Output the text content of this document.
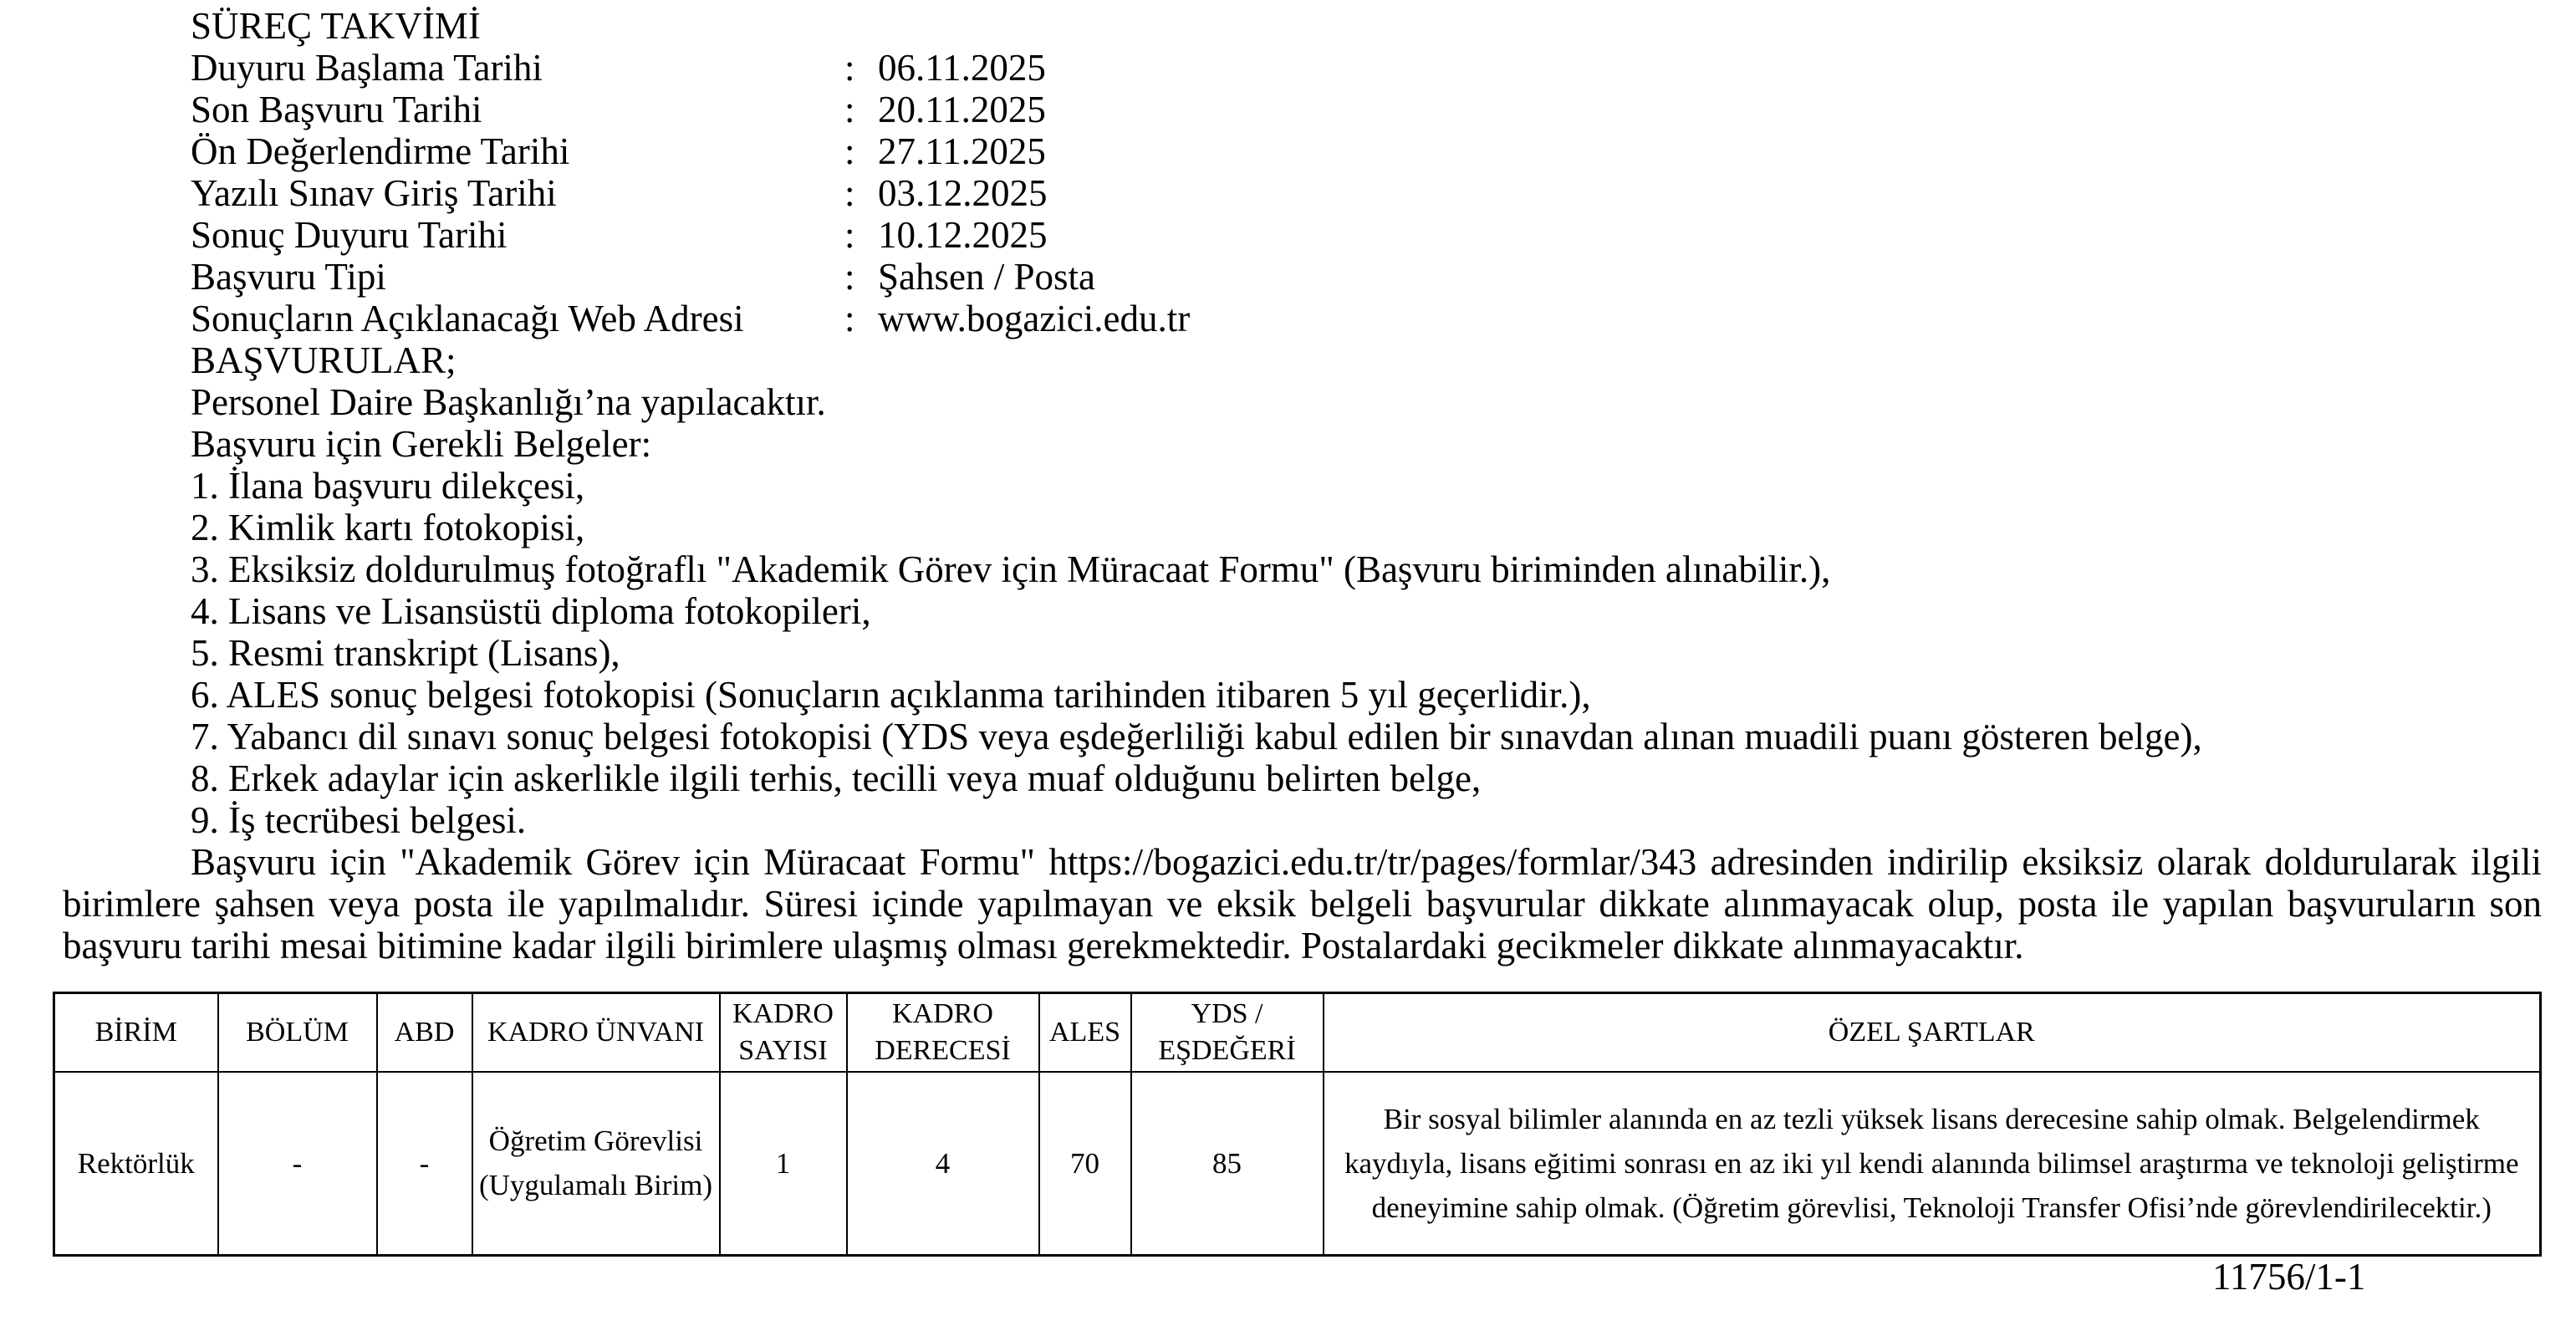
SÜREÇ TAKVİMİ
Duyuru Başlama Tarihi	: 06.11.2025
Son Başvuru Tarihi	: 20.11.2025
Ön Değerlendirme Tarihi	: 27.11.2025
Yazılı Sınav Giriş Tarihi	: 03.12.2025
Sonuç Duyuru Tarihi	: 10.12.2025
Başvuru Tipi	: Şahsen / Posta
Sonuçların Açıklanacağı Web Adresi	: www.bogazici.edu.tr
BAŞVURULAR;
Personel Daire Başkanlığı’na yapılacaktır.
Başvuru için Gerekli Belgeler:
1. İlana başvuru dilekçesi,
2. Kimlik kartı fotokopisi,
3. Eksiksiz doldurulmuş fotoğraflı "Akademik Görev için Müracaat Formu" (Başvuru biriminden alınabilir.),
4. Lisans ve Lisansüstü diploma fotokopileri,
5. Resmi transkript (Lisans),
6. ALES sonuç belgesi fotokopisi (Sonuçların açıklanma tarihinden itibaren 5 yıl geçerlidir.),
7. Yabancı dil sınavı sonuç belgesi fotokopisi (YDS veya eşdeğerliliği kabul edilen bir sınavdan alınan muadili puanı gösteren belge),
8. Erkek adaylar için askerlikle ilgili terhis, tecilli veya muaf olduğunu belirten belge,
9. İş tecrübesi belgesi.

Başvuru için "Akademik Görev için Müracaat Formu" https://bogazici.edu.tr/tr/pages/formlar/343 adresinden indirilip eksiksiz olarak doldurularak ilgili birimlere şahsen veya posta ile yapılmalıdır. Süresi içinde yapılmayan ve eksik belgeli başvurular dikkate alınmayacak olup, posta ile yapılan başvuruların son başvuru tarihi mesai bitimine kadar ilgili birimlere ulaşmış olması gerekmektedir. Postalardaki gecikmeler dikkate alınmayacaktır.

BİRİM	BÖLÜM	ABD	KADRO ÜNVANI	KADRO SAYISI	KADRO DERECESİ	ALES	YDS / EŞDEĞERİ	ÖZEL ŞARTLAR
Rektörlük	-	-	Öğretim Görevlisi (Uygulamalı Birim)	1	4	70	85	Bir sosyal bilimler alanında en az tezli yüksek lisans derecesine sahip olmak. Belgelendirmek kaydıyla, lisans eğitimi sonrası en az iki yıl kendi alanında bilimsel araştırma ve teknoloji geliştirme deneyimine sahip olmak. (Öğretim görevlisi, Teknoloji Transfer Ofisi’nde görevlendirilecektir.)
11756/1-1
